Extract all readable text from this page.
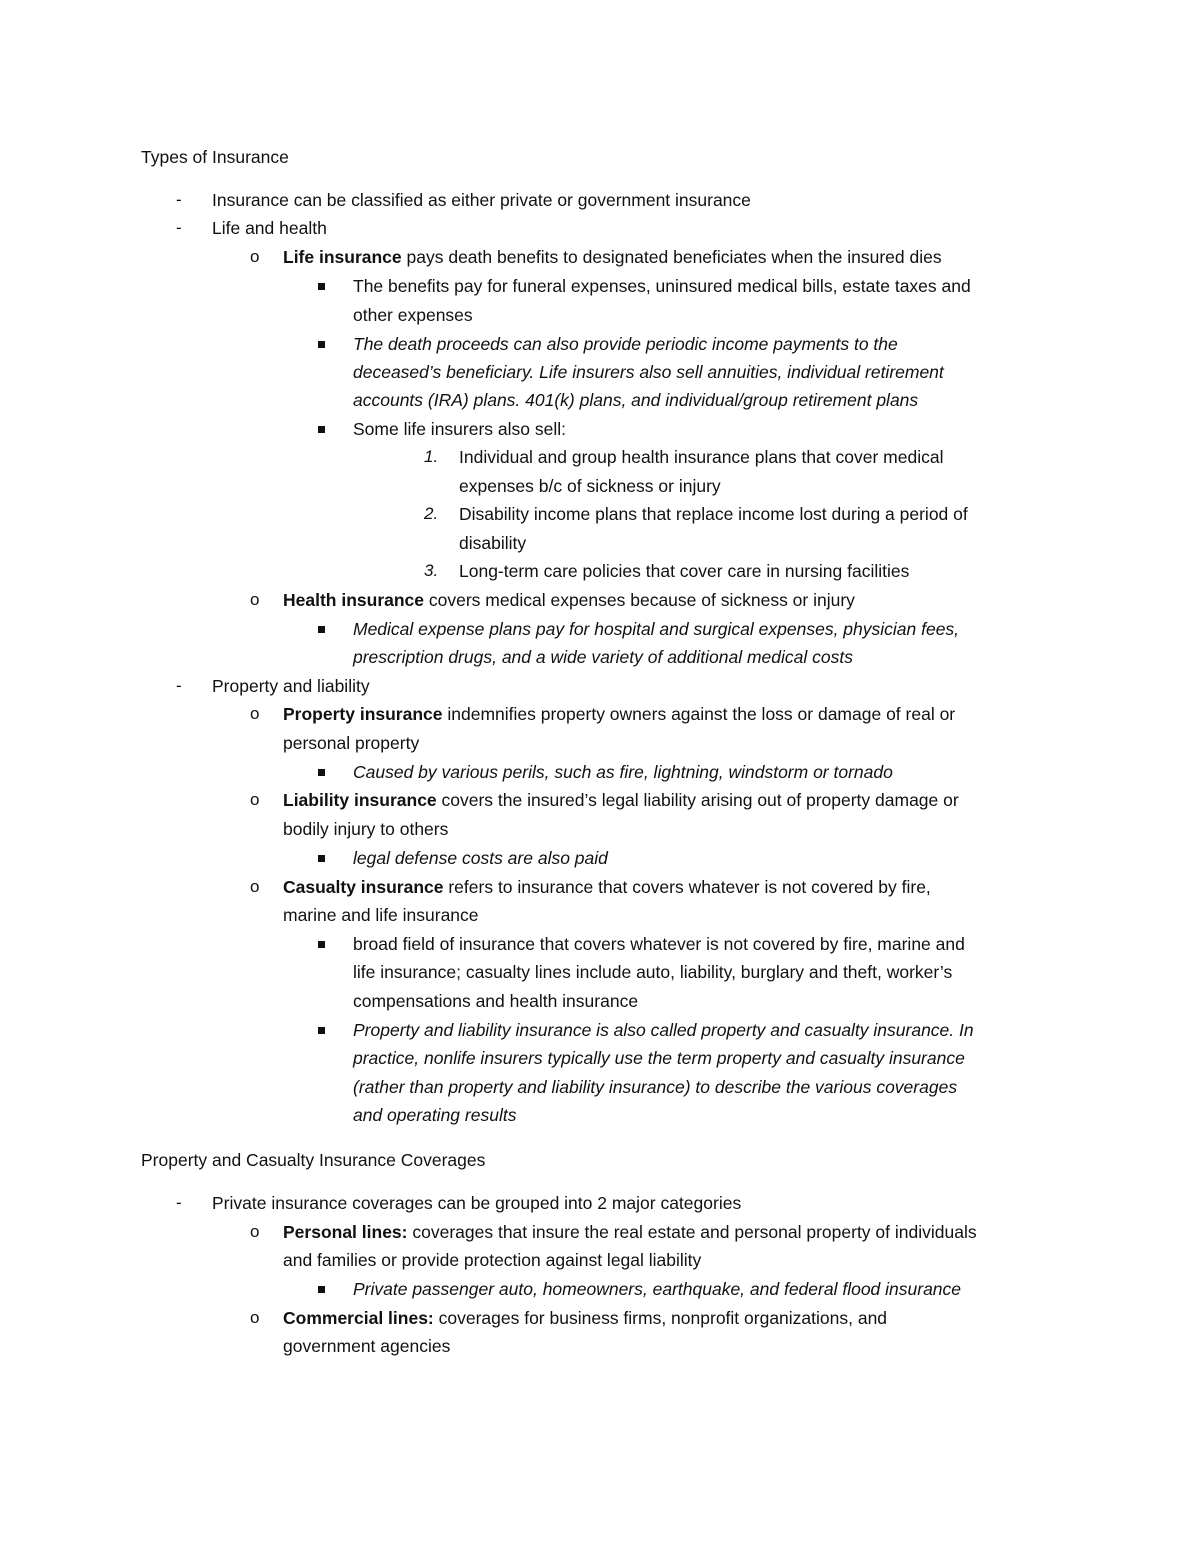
Types of Insurance
- Insurance can be classified as either private or government insurance
- Life and health
o Life insurance pays death benefits to designated beneficiates when the insured dies
The benefits pay for funeral expenses, uninsured medical bills, estate taxes and
other expenses
The death proceeds can also provide periodic income payments to the
deceased’s beneficiary. Life insurers also sell annuities, individual retirement
accounts (IRA) plans. 401(k) plans, and individual/group retirement plans
Some life insurers also sell:
1. Individual and group health insurance plans that cover medical
expenses b/c of sickness or injury
2. Disability income plans that replace income lost during a period of
disability
3. Long-term care policies that cover care in nursing facilities
o Health insurance covers medical expenses because of sickness or injury
Medical expense plans pay for hospital and surgical expenses, physician fees,
prescription drugs, and a wide variety of additional medical costs
- Property and liability
o Property insurance indemnifies property owners against the loss or damage of real or
personal property
Caused by various perils, such as fire, lightning, windstorm or tornado
o Liability insurance covers the insured’s legal liability arising out of property damage or
bodily injury to others
legal defense costs are also paid
o Casualty insurance refers to insurance that covers whatever is not covered by fire,
marine and life insurance
broad field of insurance that covers whatever is not covered by fire, marine and
life insurance; casualty lines include auto, liability, burglary and theft, worker’s
compensations and health insurance
Property and liability insurance is also called property and casualty insurance. In
practice, nonlife insurers typically use the term property and casualty insurance
(rather than property and liability insurance) to describe the various coverages
and operating results
Property and Casualty Insurance Coverages
- Private insurance coverages can be grouped into 2 major categories
o Personal lines: coverages that insure the real estate and personal property of individuals
and families or provide protection against legal liability
Private passenger auto, homeowners, earthquake, and federal flood insurance
o Commercial lines: coverages for business firms, nonprofit organizations, and
government agencies
